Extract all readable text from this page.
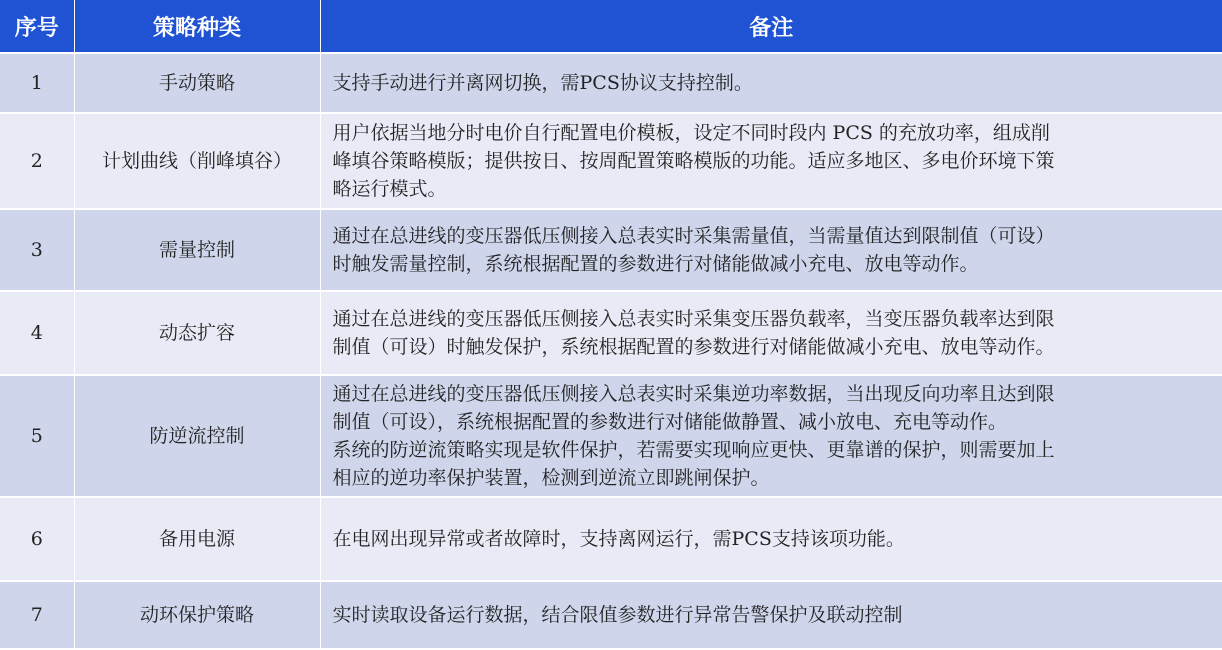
序号	策略种类	备注
1	手动策略	支持手动进行并离网切换，需PCS协议支持控制。

2	计划曲线（削峰填谷）	用户依据当地分时电价自行配置电价模板，设定不同时段内 PCS 的充放功率，组成削
峰填谷策略模版；提供按日、按周配置策略模版的功能。适应多地区、多电价环境下策
略运行模式。

3	需量控制	通过在总进线的变压器低压侧接入总表实时采集需量值，当需量值达到限制值（可设）
时触发需量控制，系统根据配置的参数进行对储能做减小充电、放电等动作。

4	动态扩容	通过在总进线的变压器低压侧接入总表实时采集变压器负载率，当变压器负载率达到限
制值（可设）时触发保护，系统根据配置的参数进行对储能做减小充电、放电等动作。

5	防逆流控制	通过在总进线的变压器低压侧接入总表实时采集逆功率数据，当出现反向功率且达到限
制值（可设），系统根据配置的参数进行对储能做静置、减小放电、充电等动作。
系统的防逆流策略实现是软件保护，若需要实现响应更快、更靠谱的保护，则需要加上
相应的逆功率保护装置，检测到逆流立即跳闸保护。

6	备用电源	在电网出现异常或者故障时，支持离网运行，需PCS支持该项功能。

7	动环保护策略	实时读取设备运行数据，结合限值参数进行异常告警保护及联动控制
